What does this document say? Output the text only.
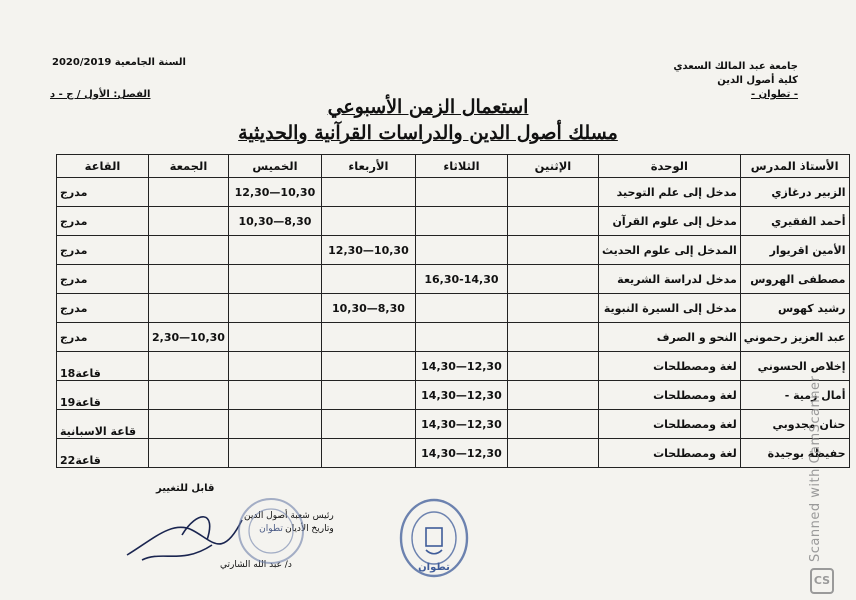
جامعة عبد المالك السعدي
كلية أصول الدين
- تطوان -
السنة الجامعية 2020/2019
الفصل: الأول / ج - د
استعمال الزمن الأسبوعي
مسلك أصول الدين والدراسات القرآنية والحديثية
الأستاذ المدرس	الوحدة	الإثنين	الثلاثاء	الأربعاء	الخميس	الجمعة	القاعة
الزبير درغازي	مدخل إلى علم التوحيد				12,30—10,30		مدرج
أحمد الفقيري	مدخل إلى علوم القرآن				10,30—8,30		مدرج
الأمين اقريوار	المدخل إلى علوم الحديث			12,30—10,30			مدرج
مصطفى الهروس	مدخل لدراسة الشريعة		16,30-14,30				مدرج
رشيد كهوس	مدخل إلى السيرة النبوية			10,30—8,30			مدرج
عبد العزيز رحموني	النحو و الصرف					2,30—10,30	مدرج
إخلاص الحسوني	لغة ومصطلحات		14,30—12,30				قاعة18
أمال زمية -	لغة ومصطلحات		14,30—12,30				قاعة19
حنان مجدوبي	لغة ومصطلحات		14,30—12,30				قاعة الاسبانية
حفيظة بوجيدة	لغة ومصطلحات		14,30—12,30				قاعة22
قابل للتغيير
رئيس شعبة أصول الدين
وتاريخ الأديان
د/ عبد الله الشارتي
تطوان
تطوان
Scanned with CamScanner
CS
